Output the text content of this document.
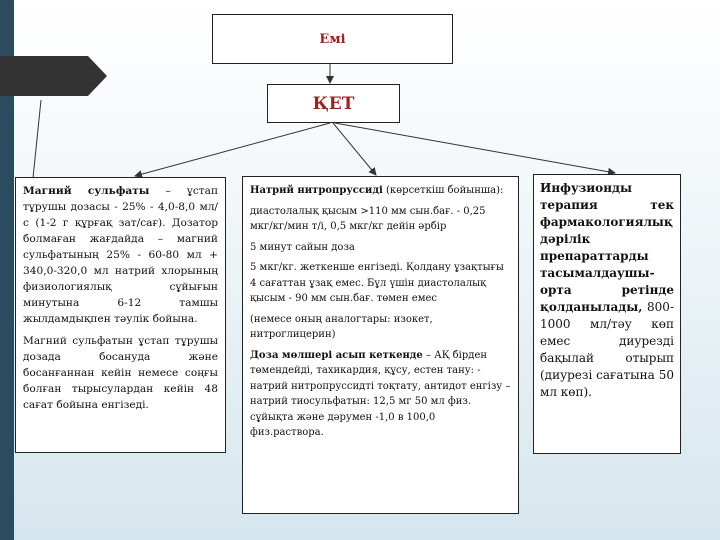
Емі
ҚЕТ

Магний сульфаты – ұстап тұрушы дозасы - 25% - 4,0-8,0 мл/с (1-2 г құрғақ зат/сағ). Дозатор болмаған жағдайда – магний сульфатының 25% - 60-80 мл + 340,0-320,0 мл натрий хлорының физиологиялық сұйығын минутына 6-12 тамшы жылдамдықпен тәулік бойына.

Магний сульфатын ұстап тұрушы дозада босануда және босанғаннан кейін немесе соңғы болған тырысулардан кейін 48 сағат бойына енгізеді.

Натрий нитропруссиді (көрсеткіш бойынша):

диастолалық қысым >110 мм сын.бағ. - 0,25 мкг/кг/мин т/і, 0,5 мкг/кг дейін әрбір

5 минут сайын доза

5 мкг/кг. жеткенше енгізеді. Қолдану ұзақтығы 4 сағаттан ұзақ емес. Бұл үшін диастолалық қысым - 90 мм сын.бағ. төмен емес

(немесе оның аналогтары: изокет, нитроглицерин)

Доза мөлшері асып кеткенде – АҚ бірден төмендейді, тахикардия, құсу, естен тану: - натрий нитропруссидті тоқтату, антидот енгізу – натрий тиосульфатын: 12,5 мг 50 мл физ. сұйықта және дәрумен -1,0 в 100,0 физ.раствора.

Инфузионды терапия тек фармакологиялық дәрілік препараттарды тасымалдаушы-орта ретінде қолданылады, 800-1000 мл/тәу көп емес диурезді бақылай отырып (диурезі сағатына 50 мл көп).
